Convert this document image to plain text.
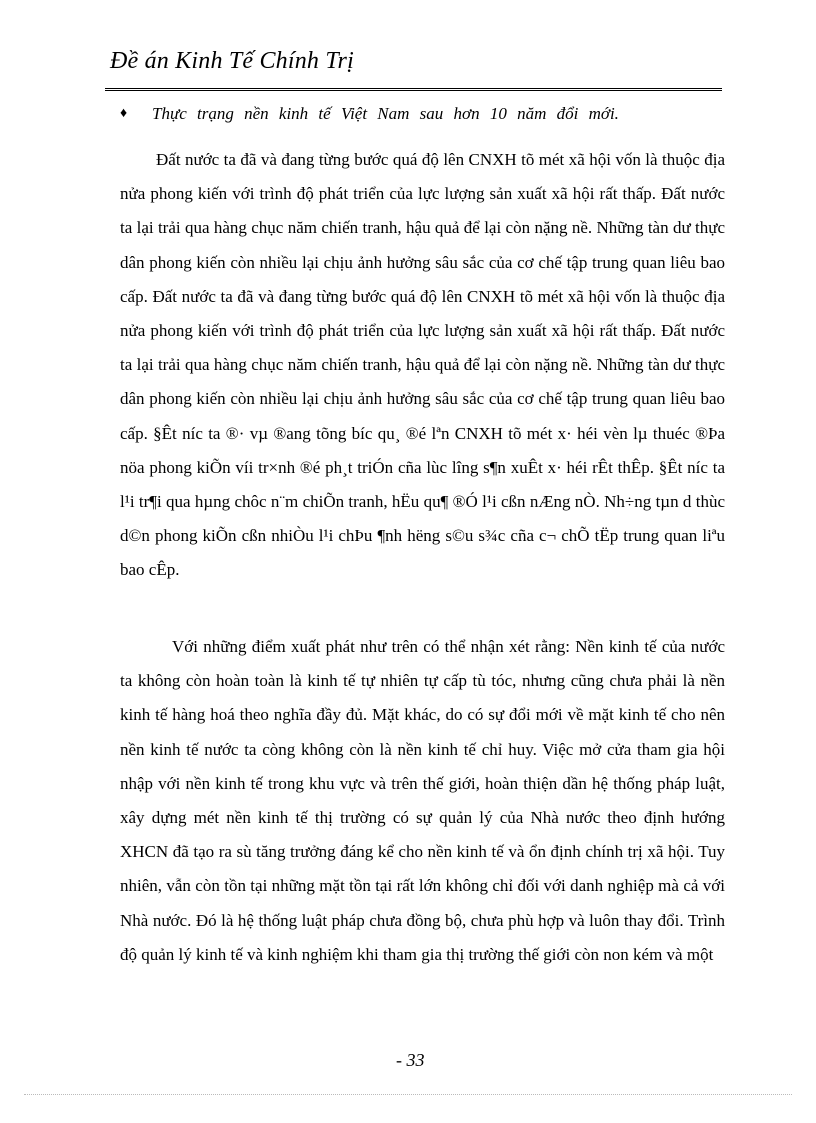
Đề án Kinh Tế Chính Trị
♦	Thực trạng nền kinh tế Việt Nam sau hơn 10 năm đổi mới.

Đất nước ta đã và đang từng bước quá độ lên CNXH tõ mét xã hội vốn là thuộc địa nửa phong kiến với trình độ phát triển của lực lượng sản xuất xã hội rất thấp. Đất nước ta lại trải qua hàng chục năm chiến tranh, hậu quả để lại còn nặng nề. Những tàn dư thực dân phong kiến còn nhiều lại chịu ảnh hưởng sâu sắc của cơ chế tập trung quan liêu bao cấp. Đất nước ta đã và đang từng bước quá độ lên CNXH tõ mét xã hội vốn là thuộc địa nửa phong kiến với trình độ phát triển của lực lượng sản xuất xã hội rất thấp. Đất nước ta lại trải qua hàng chục năm chiến tranh, hậu quả để lại còn nặng nề. Những tàn dư thực dân phong kiến còn nhiều lại chịu ảnh hưởng sâu sắc của cơ chế tập trung quan liêu bao cấp. §Êt níc ta ®· vµ ®ang tõng bíc qu¸ ®é lªn CNXH tõ mét x· héi vèn lµ thuéc ®Þa nöa phong kiÕn víi tr×nh ®é ph¸t triÓn cña lùc lîng s¶n xuÊt x· héi rÊt thÊp. §Êt níc ta l¹i tr¶i qua hµng chôc n¨m chiÕn tranh, hËu qu¶ ®Ó l¹i cßn nÆng nÒ. Nh÷ng tµn d thùc d©n phong kiÕn cßn nhiÒu l¹i chÞu ¶nh hëng s©u s¾c cña c¬ chÕ tËp trung quan liªu bao cÊp.

Với những điểm xuất phát như trên có thể nhận xét rằng: Nền kinh tế của nước ta không còn hoàn toàn là kinh tế tự nhiên tự cấp tù tóc, nhưng cũng chưa phải là nền kinh tế hàng hoá theo nghĩa đầy đủ. Mặt khác, do có sự đổi mới về mặt kinh tế cho nên nền kinh tế nước ta còng không còn là nền kinh tế chỉ huy. Việc mở cửa tham gia hội nhập với nền kinh tế trong khu vực và trên thế giới, hoàn thiện dần hệ thống pháp luật, xây dựng mét nền kinh tế thị trường có sự quản lý của Nhà nước theo định hướng XHCN đã tạo ra sù tăng trưởng đáng kể cho nền kinh tế và ổn định chính trị xã hội. Tuy nhiên, vẫn còn tồn tại những mặt tồn tại rất lớn không chỉ đối với danh nghiệp mà cả với Nhà nước. Đó là hệ thống luật pháp chưa đồng bộ, chưa phù hợp và luôn thay đổi. Trình độ quản lý kinh tế và kinh nghiệm khi tham gia thị trường thế giới còn non kém và một

- 33
